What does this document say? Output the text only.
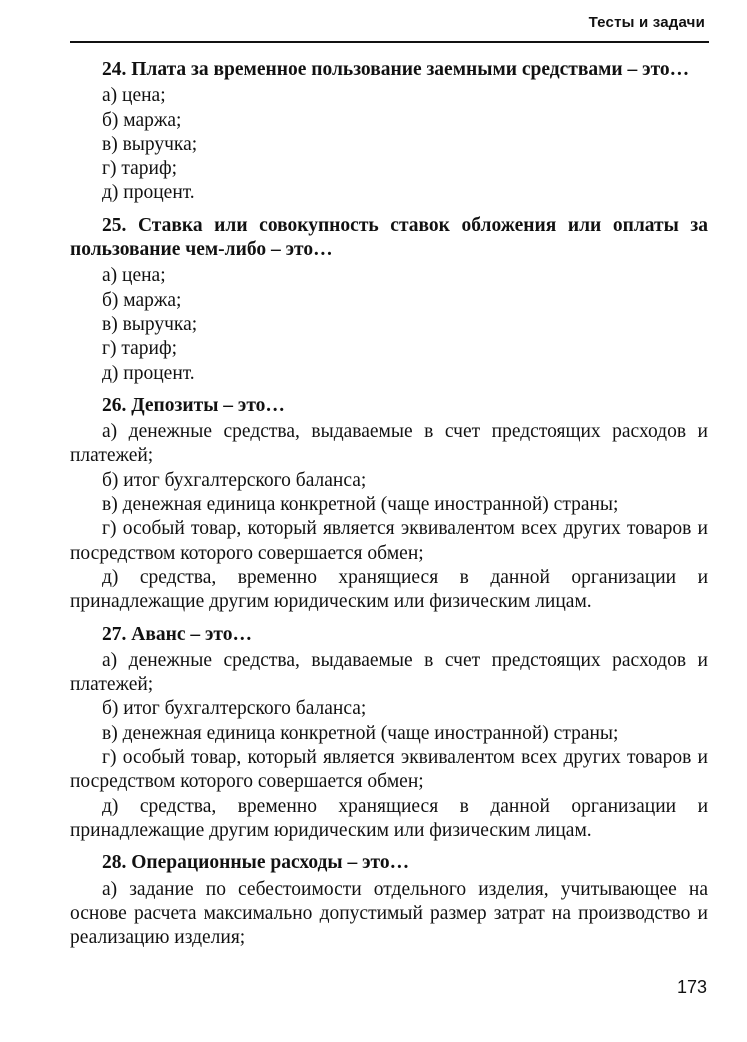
Тесты и задачи

24. Плата за временное пользование заемными средствами – это…

а) цена;

б) маржа;

в) выручка;

г) тариф;

д) процент.

25. Ставка или совокупность ставок обложения или оплаты за пользование чем-либо – это…

а) цена;

б) маржа;

в) выручка;

г) тариф;

д) процент.

26. Депозиты – это…

а) денежные средства, выдаваемые в счет предстоящих расходов и платежей;

б) итог бухгалтерского баланса;

в) денежная единица конкретной (чаще иностранной) страны;

г) особый товар, который является эквивалентом всех других товаров и посредством которого совершается обмен;

д) средства, временно хранящиеся в данной организации и принадлежащие другим юридическим или физическим лицам.

27. Аванс – это…

а) денежные средства, выдаваемые в счет предстоящих расходов и платежей;

б) итог бухгалтерского баланса;

в) денежная единица конкретной (чаще иностранной) страны;

г) особый товар, который является эквивалентом всех других товаров и посредством которого совершается обмен;

д) средства, временно хранящиеся в данной организации и принадлежащие другим юридическим или физическим лицам.

28. Операционные расходы – это…

а) задание по себестоимости отдельного изделия, учитывающее на основе расчета максимально допустимый размер затрат на производство и реализацию изделия;

173
